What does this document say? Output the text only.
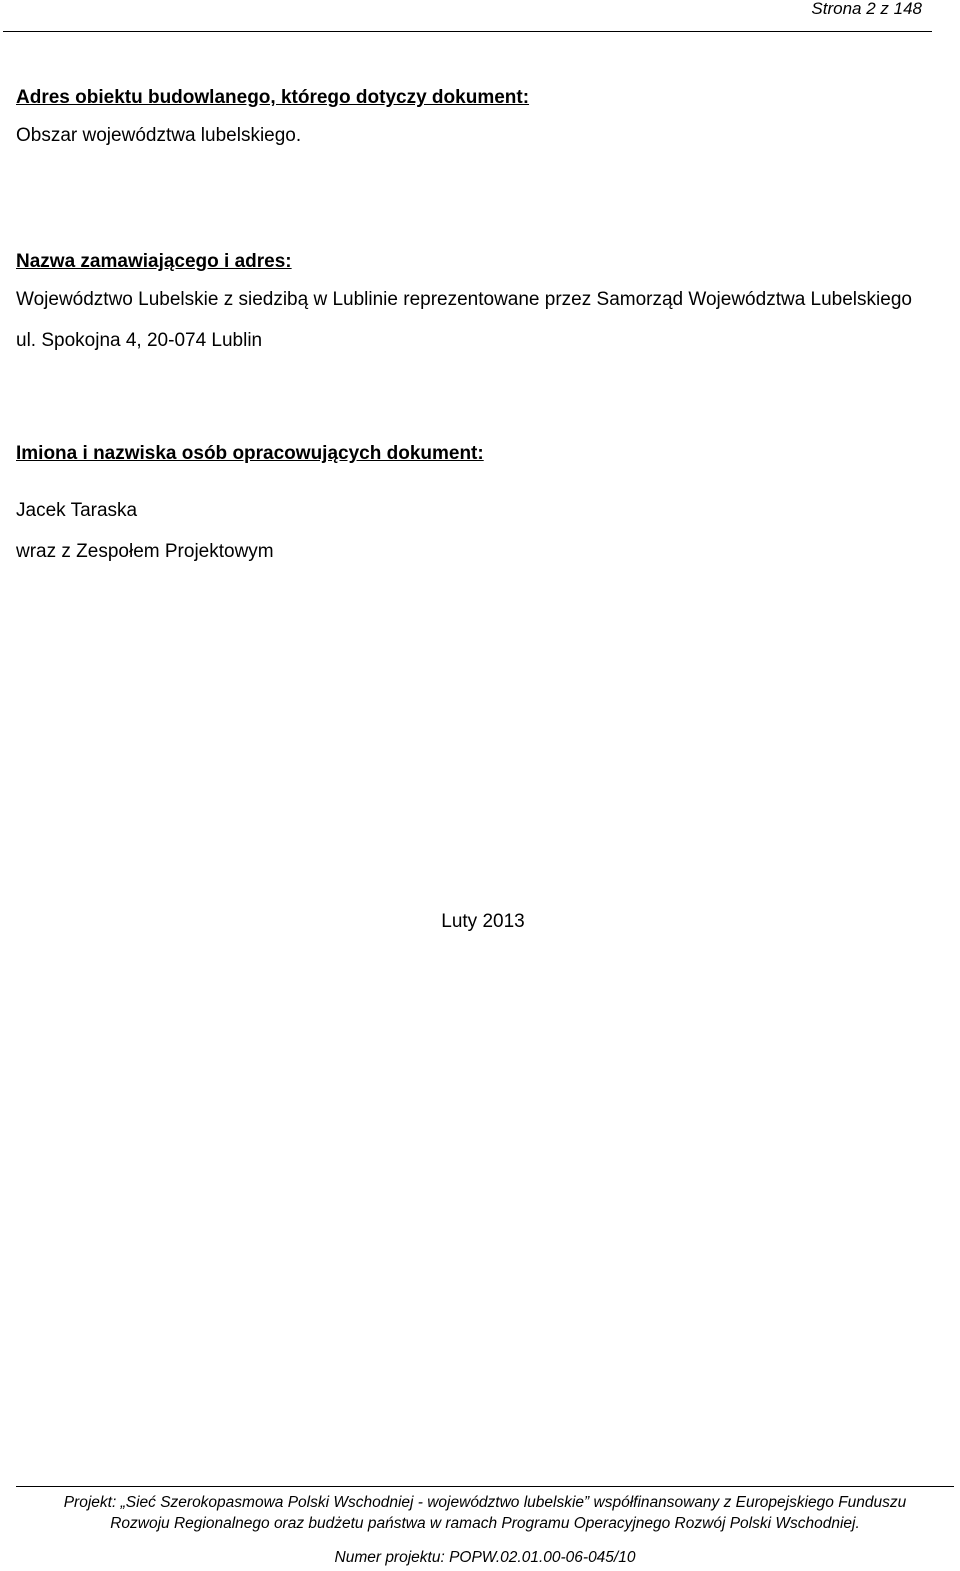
Strona 2 z 148

Adres obiektu budowlanego, którego dotyczy dokument:

Obszar województwa lubelskiego.

Nazwa zamawiającego i adres:

Województwo Lubelskie z siedzibą w Lublinie reprezentowane przez Samorząd Województwa Lubelskiego

ul. Spokojna 4, 20-074 Lublin

Imiona i nazwiska osób opracowujących dokument:

Jacek Taraska

wraz z Zespołem Projektowym

Luty 2013
Projekt: „Sieć Szerokopasmowa Polski Wschodniej - województwo lubelskie” współfinansowany z Europejskiego Funduszu
Rozwoju Regionalnego oraz budżetu państwa w ramach Programu Operacyjnego Rozwój Polski Wschodniej.
Numer projektu: POPW.02.01.00-06-045/10
